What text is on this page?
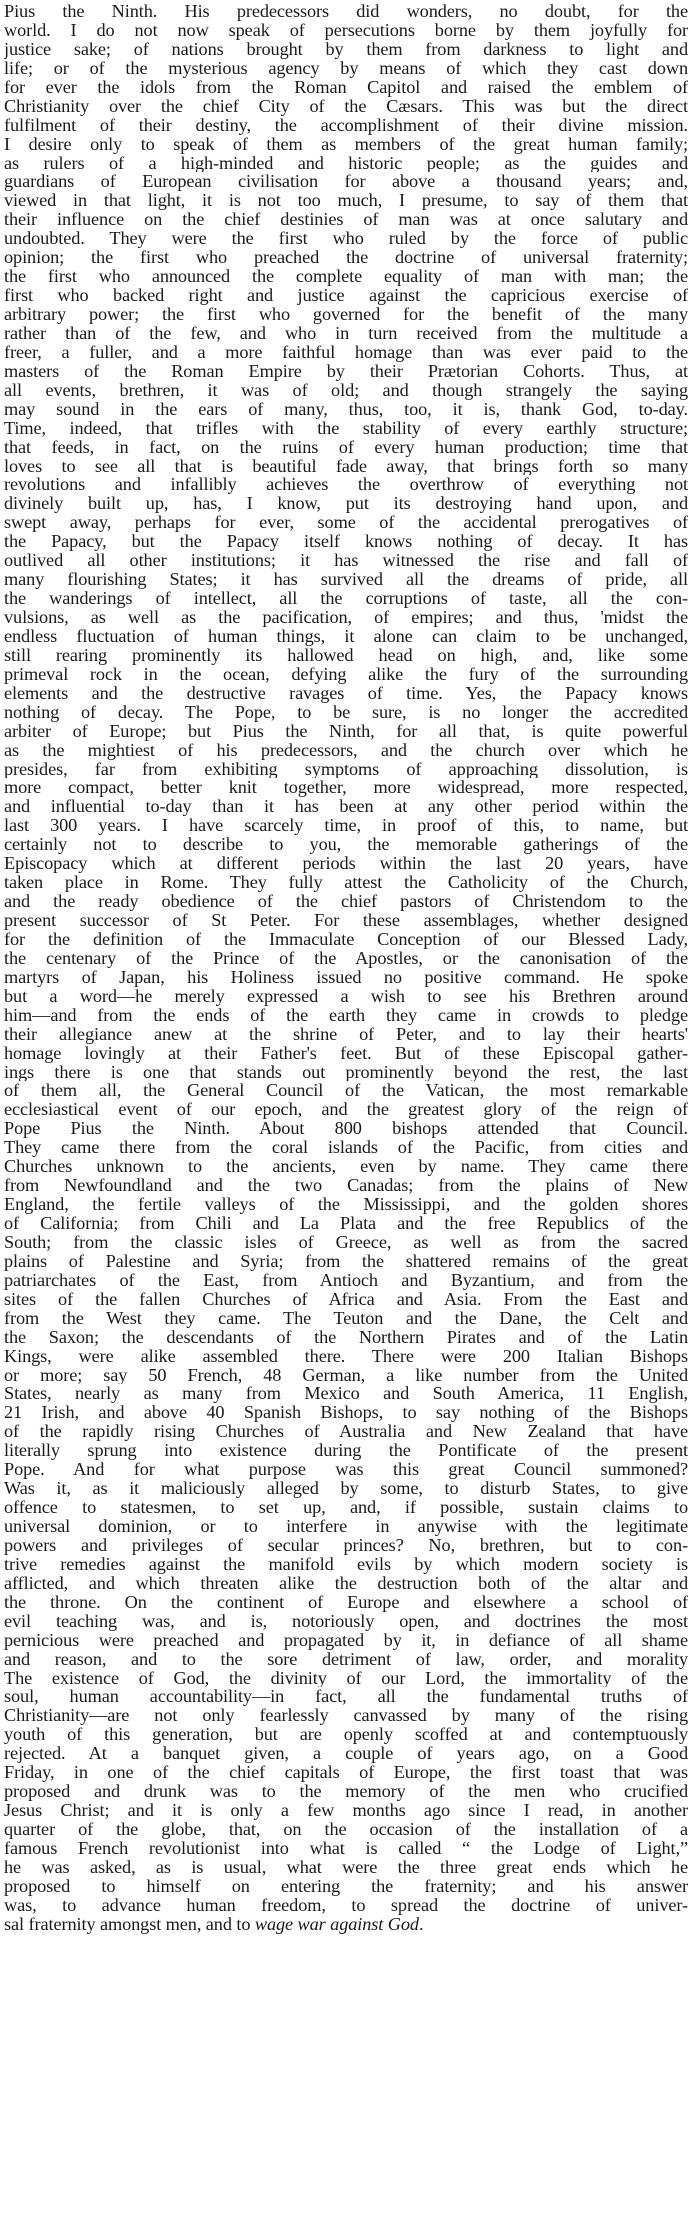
Pius the Ninth. His predecessors did wonders, no doubt, for the
world. I do not now speak of persecutions borne by them joyfully for
justice sake; of nations brought by them from darkness to light and
life; or of the mysterious agency by means of which they cast down
for ever the idols from the Roman Capitol and raised the emblem of
Christianity over the chief City of the Cæsars. This was but the direct
fulfilment of their destiny, the accomplishment of their divine mission.
I desire only to speak of them as members of the great human family;
as rulers of a high-minded and historic people; as the guides and
guardians of European civilisation for above a thousand years; and,
viewed in that light, it is not too much, I presume, to say of them that
their influence on the chief destinies of man was at once salutary and
undoubted. They were the first who ruled by the force of public
opinion; the first who preached the doctrine of universal fraternity;
the first who announced the complete equality of man with man; the
first who backed right and justice against the capricious exercise of
arbitrary power; the first who governed for the benefit of the many
rather than of the few, and who in turn received from the multitude a
freer, a fuller, and a more faithful homage than was ever paid to the
masters of the Roman Empire by their Prætorian Cohorts. Thus, at
all events, brethren, it was of old; and though strangely the saying
may sound in the ears of many, thus, too, it is, thank God, to-day.
Time, indeed, that trifles with the stability of every earthly structure;
that feeds, in fact, on the ruins of every human production; time that
loves to see all that is beautiful fade away, that brings forth so many
revolutions and infallibly achieves the overthrow of everything not
divinely built up, has, I know, put its destroying hand upon, and
swept away, perhaps for ever, some of the accidental prerogatives of
the Papacy, but the Papacy itself knows nothing of decay. It has
outlived all other institutions; it has witnessed the rise and fall of
many flourishing States; it has survived all the dreams of pride, all
the wanderings of intellect, all the corruptions of taste, all the con-
vulsions, as well as the pacification, of empires; and thus, 'midst the
endless fluctuation of human things, it alone can claim to be unchanged,
still rearing prominently its hallowed head on high, and, like some
primeval rock in the ocean, defying alike the fury of the surrounding
elements and the destructive ravages of time. Yes, the Papacy knows
nothing of decay. The Pope, to be sure, is no longer the accredited
arbiter of Europe; but Pius the Ninth, for all that, is quite powerful
as the mightiest of his predecessors, and the church over which he
presides, far from exhibiting symptoms of approaching dissolution, is
more compact, better knit together, more widespread, more respected,
and influential to-day than it has been at any other period within the
last 300 years. I have scarcely time, in proof of this, to name, but
certainly not to describe to you, the memorable gatherings of the
Episcopacy which at different periods within the last 20 years, have
taken place in Rome. They fully attest the Catholicity of the Church,
and the ready obedience of the chief pastors of Christendom to the
present successor of St Peter. For these assemblages, whether designed
for the definition of the Immaculate Conception of our Blessed Lady,
the centenary of the Prince of the Apostles, or the canonisation of the
martyrs of Japan, his Holiness issued no positive command. He spoke
but a word—he merely expressed a wish to see his Brethren around
him—and from the ends of the earth they came in crowds to pledge
their allegiance anew at the shrine of Peter, and to lay their hearts'
homage lovingly at their Father's feet. But of these Episcopal gather-
ings there is one that stands out prominently beyond the rest, the last
of them all, the General Council of the Vatican, the most remarkable
ecclesiastical event of our epoch, and the greatest glory of the reign of
Pope Pius the Ninth. About 800 bishops attended that Council.
They came there from the coral islands of the Pacific, from cities and
Churches unknown to the ancients, even by name. They came there
from Newfoundland and the two Canadas; from the plains of New
England, the fertile valleys of the Mississippi, and the golden shores
of California; from Chili and La Plata and the free Republics of the
South; from the classic isles of Greece, as well as from the sacred
plains of Palestine and Syria; from the shattered remains of the great
patriarchates of the East, from Antioch and Byzantium, and from the
sites of the fallen Churches of Africa and Asia. From the East and
from the West they came. The Teuton and the Dane, the Celt and
the Saxon; the descendants of the Northern Pirates and of the Latin
Kings, were alike assembled there. There were 200 Italian Bishops
or more; say 50 French, 48 German, a like number from the United
States, nearly as many from Mexico and South America, 11 English,
21 Irish, and above 40 Spanish Bishops, to say nothing of the Bishops
of the rapidly rising Churches of Australia and New Zealand that have
literally sprung into existence during the Pontificate of the present
Pope. And for what purpose was this great Council summoned?
Was it, as it maliciously alleged by some, to disturb States, to give
offence to statesmen, to set up, and, if possible, sustain claims to
universal dominion, or to interfere in anywise with the legitimate
powers and privileges of secular princes? No, brethren, but to con-
trive remedies against the manifold evils by which modern society is
afflicted, and which threaten alike the destruction both of the altar and
the throne. On the continent of Europe and elsewhere a school of
evil teaching was, and is, notoriously open, and doctrines the most
pernicious were preached and propagated by it, in defiance of all shame
and reason, and to the sore detriment of law, order, and morality
The existence of God, the divinity of our Lord, the immortality of the
soul, human accountability—in fact, all the fundamental truths of
Christianity—are not only fearlessly canvassed by many of the rising
youth of this generation, but are openly scoffed at and contemptuously
rejected. At a banquet given, a couple of years ago, on a Good
Friday, in one of the chief capitals of Europe, the first toast that was
proposed and drunk was to the memory of the men who crucified
Jesus Christ; and it is only a few months ago since I read, in another
quarter of the globe, that, on the occasion of the installation of a
famous French revolutionist into what is called “ the Lodge of Light,”
he was asked, as is usual, what were the three great ends which he
proposed to himself on entering the fraternity; and his answer
was, to advance human freedom, to spread the doctrine of univer-
sal fraternity amongst men, and to wage war against God.
